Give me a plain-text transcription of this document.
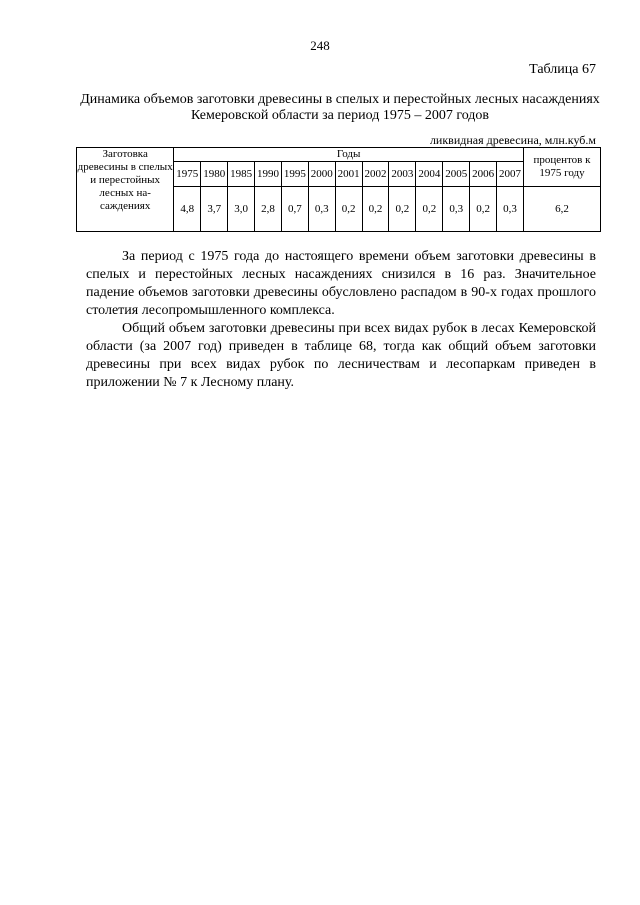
248
Таблица 67
Динамика объемов заготовки древесины в спелых и перестойных лесных насаждениях Кемеровской области за период 1975 – 2007 годов
ликвидная древесина, млн.куб.м
Заготовка древесины в спелых и перестойных лесных на-саждениях	Годы													процентов к 1975 году
	1975	1980	1985	1990	1995	2000	2001	2002	2003	2004	2005	2006	2007	
	4,8	3,7	3,0	2,8	0,7	0,3	0,2	0,2	0,2	0,2	0,3	0,2	0,3	6,2

За период с 1975 года до настоящего времени объем заготовки древесины в спелых и перестойных лесных насаждениях снизился в 16 раз. Значительное падение объемов заготовки древесины обусловлено распадом в 90-х годах прошлого столетия лесопромышленного комплекса.

Общий объем заготовки древесины при всех видах рубок в лесах Кемеровской области (за 2007 год) приведен в таблице 68, тогда как общий объем заготовки древесины при всех видах рубок по лесничествам и лесопаркам приведен в приложении № 7 к Лесному плану.
